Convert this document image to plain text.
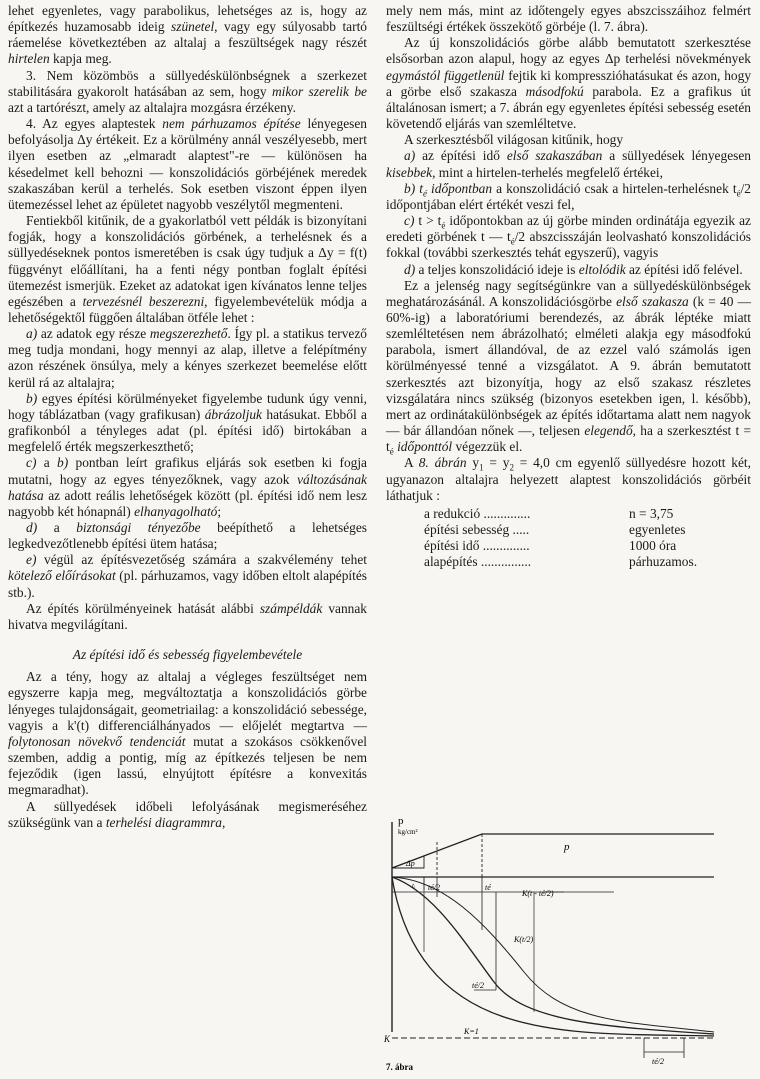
lehet egyenletes, vagy parabolikus, lehetséges az is, hogy az építkezés huzamosabb ideig szünetel, vagy egy súlyosabb tartó ráemelése következtében az altalaj a feszültségek nagy részét hirtelen kapja meg.

3. Nem közömbös a süllyedéskülönbségnek a szerkezet stabilitására gyakorolt hatásában az sem, hogy mikor szerelik be azt a tartórészt, amely az altalajra mozgásra érzékeny.

4. Az egyes alaptestek nem párhuzamos építése lényegesen befolyásolja Δy értékeit. Ez a körülmény annál veszélyesebb, mert ilyen esetben az „elmaradt alaptest"-re — különösen ha késedelmet kell behozni — konszolidációs görbéjének meredek szakaszában kerül a terhelés. Sok esetben viszont éppen ilyen ütemezéssel lehet az épületet nagyobb veszélytől megmenteni.

Fentiekből kitűnik, de a gyakorlatból vett példák is bizonyítani fogják, hogy a konszolidációs görbének, a terhelésnek és a süllyedéseknek pontos ismeretében is csak úgy tudjuk a Δy = f(t) függvényt előállítani, ha a fenti négy pontban foglalt építési ütemezést ismerjük. Ezeket az adatokat igen kívánatos lenne teljes egészében a tervezésnél beszerezni, figyelembevételük módja a lehetőségektől függően általában ötféle lehet :

a) az adatok egy része megszerezhető. Így pl. a statikus tervező meg tudja mondani, hogy mennyi az alap, illetve a felépítmény azon részének önsúlya, mely a kényes szerkezet beemelése előtt kerül rá az altalajra;

b) egyes építési körülményeket figyelembe tudunk úgy venni, hogy táblázatban (vagy grafikusan) ábrázoljuk hatásukat. Ebből a grafikonból a tényleges adat (pl. építési idő) birtokában a megfelelő érték megszerkeszthető;

c) a b) pontban leírt grafikus eljárás sok esetben ki fogja mutatni, hogy az egyes tényezőknek, vagy azok változásának hatása az adott reális lehetőségek között (pl. építési idő nem lesz nagyobb két hónapnál) elhanyagolható;

d) a biztonsági tényezőbe beépíthető a lehetséges legkedvezőtlenebb építési ütem hatása;

e) végül az építésvezetőség számára a szakvélemény tehet kötelező előírásokat (pl. párhuzamos, vagy időben eltolt alapépítés stb.).

Az építés körülményeinek hatását alábbi számpéldák vannak hivatva megvilágítani.

Az építési idő és sebesség figyelembevétele

Az a tény, hogy az altalaj a végleges feszültséget nem egyszerre kapja meg, megváltoztatja a konszolidációs görbe lényeges tulajdonságait, geometriailag: a konszolidáció sebessége, vagyis a k'(t) differenciálhányados — előjelét megtartva — folytonosan növekvő tendenciát mutat a szokásos csökkenővel szemben, addig a pontig, míg az építkezés teljesen be nem fejeződik (igen lassú, elnyújtott építésre a konvexitás megmaradhat).

A süllyedések időbeli lefolyásának megismeréséhez szükségünk van a terhelési diagrammra,

mely nem más, mint az időtengely egyes abszcisszáihoz felmért feszültségi értékek összekötő görbéje (l. 7. ábra).

Az új konszolidációs görbe alább bemutatott szerkesztése elsősorban azon alapul, hogy az egyes Δp terhelési növekmények egymástól függetlenül fejtik ki kompresszióhatásukat és azon, hogy a görbe első szakasza másodfokú parabola. Ez a grafikus út általánosan ismert; a 7. ábrán egy egyenletes építési sebesség esetén követendő eljárás van szemléltetve.

A szerkesztésből világosan kitűnik, hogy

a) az építési idő első szakaszában a süllyedések lényegesen kisebbek, mint a hirtelen-terhelés megfelelő értékei,

b) $t_é$ időpontban a konszolidáció csak a hirtelen-terhelésnek $t_é/2$ időpontjában elért értékét veszi fel,

c) $t > t_é$ időpontokban az új görbe minden ordinátája egyezik az eredeti görbének t — $t_é/2$ abszcisszáján leolvasható konszolidációs fokkal (további szerkesztés tehát egyszerű), vagyis

d) a teljes konszolidáció ideje is eltolódik az építési idő felével.

Ez a jelenség nagy segítségünkre van a süllyedéskülönbségek meghatározásánál. A konszolidációsgörbe első szakasza (k = 40 — 60%-ig) a laboratóriumi berendezés, az ábrák léptéke miatt szemléltetésen nem ábrázolható; elméleti alakja egy másodfokú parabola, ismert állandóval, de az ezzel való számolás igen körülményessé tenné a vizsgálatot. A 9. ábrán bemutatott szerkesztés azt bizonyítja, hogy az első szakasz részletes vizsgálatára nincs szükség (bizonyos esetekben igen, l. később), mert az ordinátakülönbségek az építés időtartama alatt nem nagyok — bár állandóan nőnek —, teljesen elegendő, ha a szerkesztést $t = t_é$ időponttól végezzük el.

A 8. ábrán $y_1 = y_2 = 4,0$ cm egyenlő süllyedésre hozott két, ugyanazon altalajra helyezett alaptest konszolidációs görbéit láthatjuk :

a redukció ..............	n = 3,75
építési sebesség .....	egyenletes
építési idő ..............	1000 óra
alapépítés ...............	párhuzamos.
p
kg/cm²
p
Δp
té/2	té
tᵢ
K(t - té/2)
K(t/2)
té/2
K
K=1
té/2
7. ábra
